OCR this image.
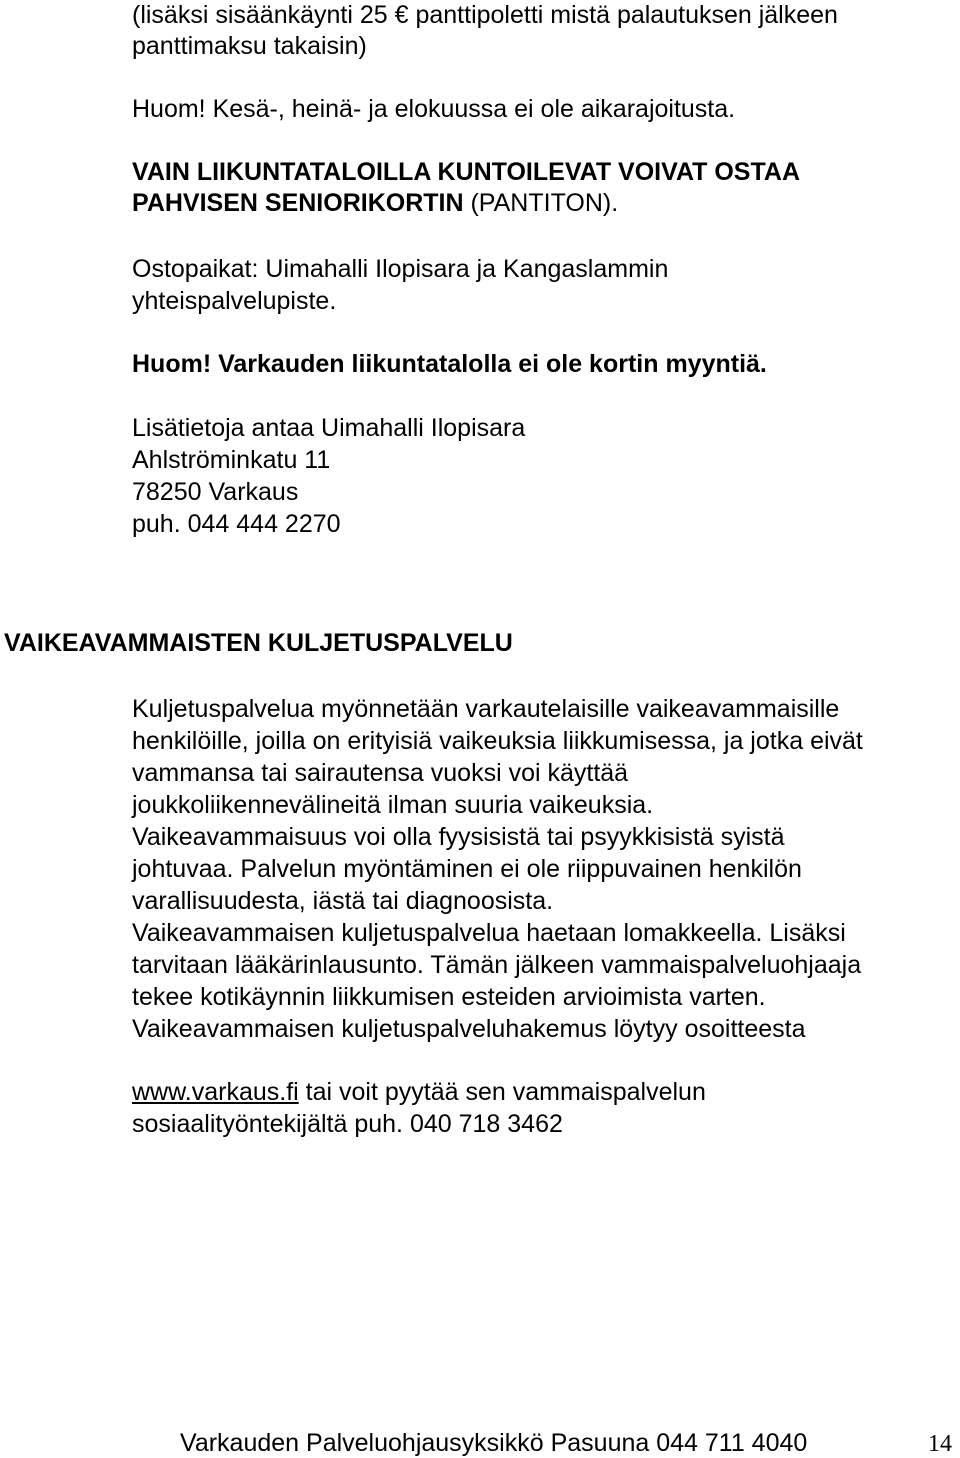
(lisäksi sisäänkäynti 25 € panttipoletti mistä palautuksen jälkeen

panttimaksu takaisin)

Huom! Kesä-, heinä- ja elokuussa ei ole aikarajoitusta.

VAIN LIIKUNTATALOILLA KUNTOILEVAT VOIVAT OSTAA

PAHVISEN SENIORIKORTIN (PANTITON).

Ostopaikat: Uimahalli Ilopisara ja Kangaslammin

yhteispalvelupiste.

Huom! Varkauden liikuntatalolla ei ole kortin myyntiä.

Lisätietoja antaa Uimahalli Ilopisara

Ahlströminkatu 11

78250 Varkaus

puh. 044 444 2270

VAIKEAVAMMAISTEN KULJETUSPALVELU

Kuljetuspalvelua myönnetään varkautelaisille vaikeavammaisille

henkilöille, joilla on erityisiä vaikeuksia liikkumisessa, ja jotka eivät

vammansa tai sairautensa vuoksi voi käyttää

joukkoliikennevälineitä ilman suuria vaikeuksia.

Vaikeavammaisuus voi olla fyysisistä tai psyykkisistä syistä

johtuvaa. Palvelun myöntäminen ei ole riippuvainen henkilön

varallisuudesta, iästä tai diagnoosista.

Vaikeavammaisen kuljetuspalvelua haetaan lomakkeella. Lisäksi

tarvitaan lääkärinlausunto. Tämän jälkeen vammaispalveluohjaaja

tekee kotikäynnin liikkumisen esteiden arvioimista varten.

Vaikeavammaisen kuljetuspalveluhakemus löytyy osoitteesta

www.varkaus.fi tai voit pyytää sen vammaispalvelun

sosiaalityöntekijältä puh. 040 718 3462

Varkauden Palveluohjausyksikkö Pasuuna 044 711 4040	14
